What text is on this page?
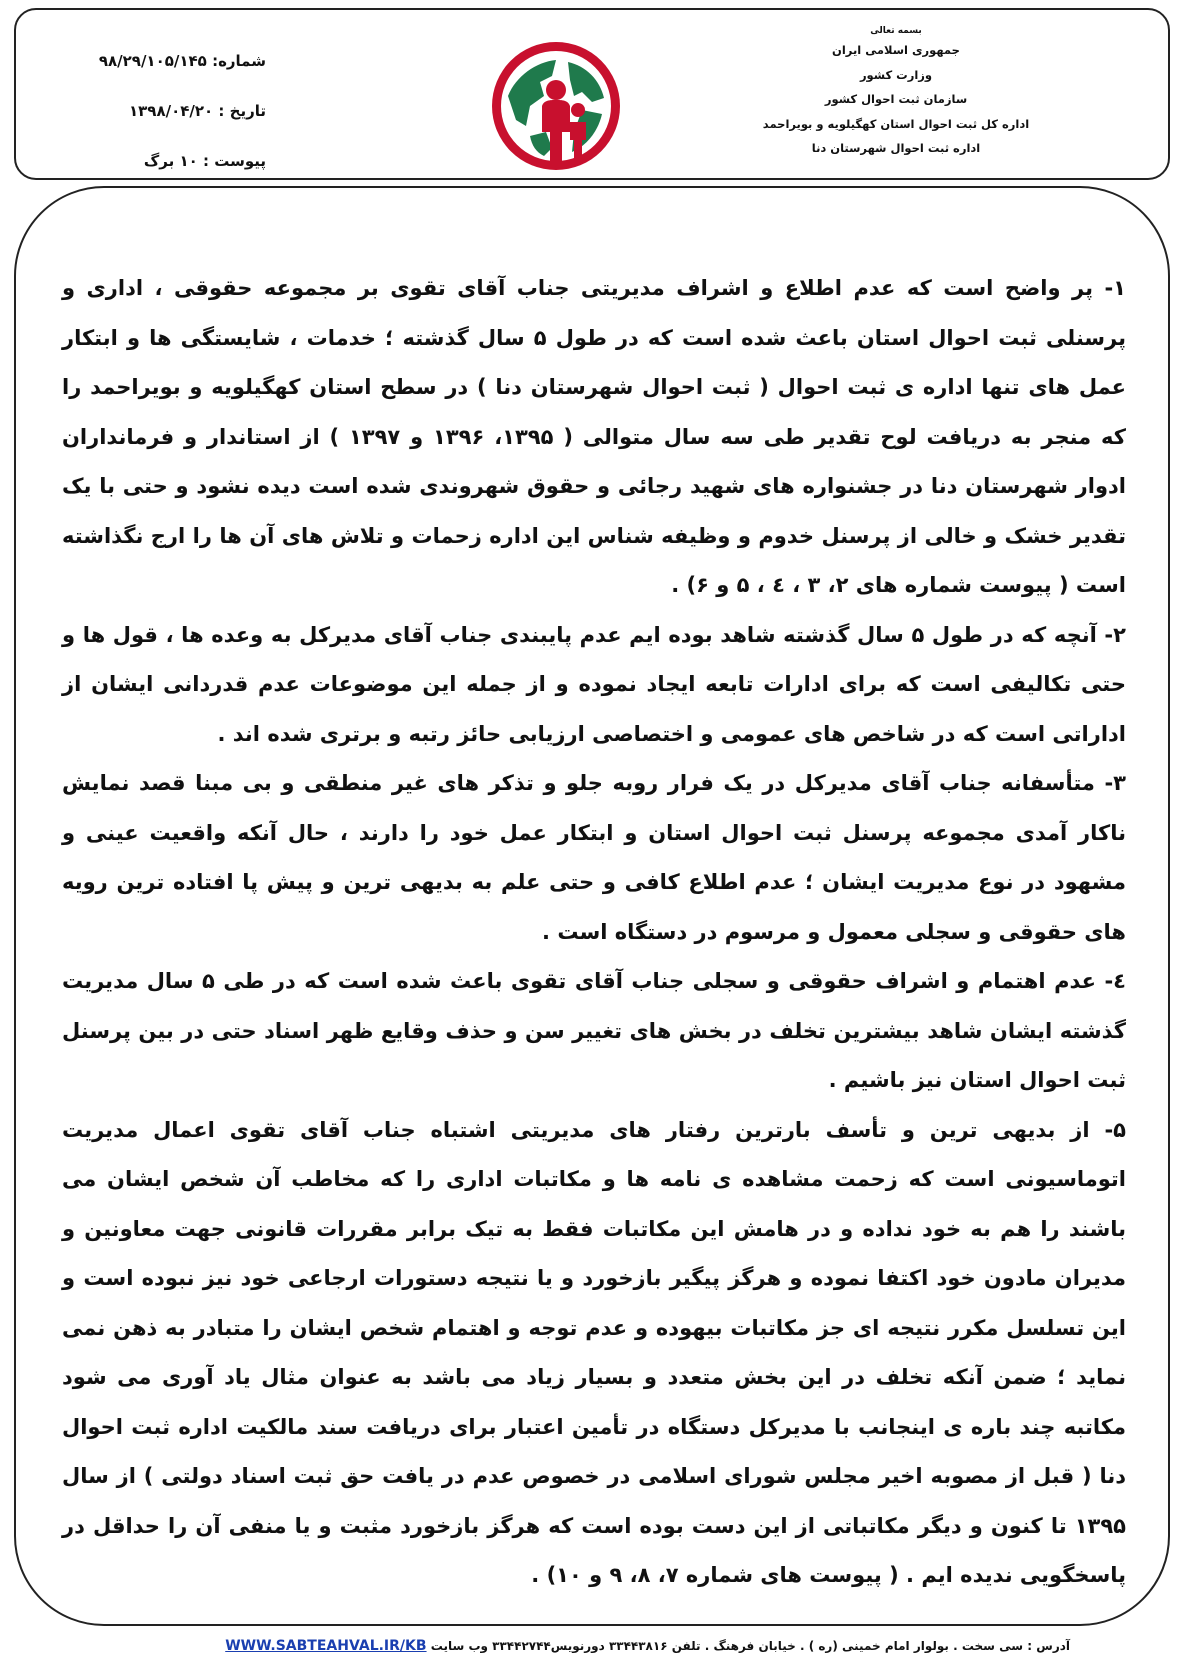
بسمه تعالی
جمهوری اسلامی ایران
وزارت کشور
سازمان ثبت احوال کشور
اداره کل ثبت احوال استان کهگیلویه و بویراحمد
اداره ثبت احوال شهرستان دنا
شماره: ۹۸/۲۹/۱۰۵/۱۴۵
تاریخ : ۱۳۹۸/۰۴/۲۰
پیوست : ۱۰ برگ

۱- پر واضح است که عدم اطلاع و اشراف مدیریتی جناب آقای تقوی بر مجموعه حقوقی ، اداری و پرسنلی ثبت احوال استان باعث شده است که در طول ۵ سال گذشته ؛ خدمات ، شایستگی ها و ابتکار عمل های تنها اداره ی ثبت احوال ( ثبت احوال شهرستان دنا ) در سطح استان کهگیلویه و بویراحمد را که منجر به دریافت لوح تقدیر طی سه سال متوالی ( ۱۳۹۵، ۱۳۹۶ و ۱۳۹۷ ) از استاندار و فرمانداران ادوار شهرستان دنا در جشنواره های شهید رجائی و حقوق شهروندی شده است دیده نشود و حتی با یک تقدیر خشک و خالی از پرسنل خدوم و وظیفه شناس این اداره زحمات و تلاش های آن ها را ارج نگذاشته است ( پیوست شماره های ۲، ۳ ، ٤ ، ۵ و ۶) .

۲- آنچه که در طول ۵ سال گذشته شاهد بوده ایم عدم پایبندی جناب آقای مدیرکل به وعده ها ، قول ها و حتی تکالیفی است که برای ادارات تابعه ایجاد نموده و از جمله این موضوعات عدم قدردانی ایشان از اداراتی است که در شاخص های عمومی و اختصاصی ارزیابی حائز رتبه و برتری شده اند .

۳- متأسفانه جناب آقای مدیرکل در یک فرار روبه جلو و تذکر های غیر منطقی و بی مبنا قصد نمایش ناکار آمدی مجموعه پرسنل ثبت احوال استان و ابتکار عمل خود را دارند ، حال آنکه واقعیت عینی و مشهود در نوع مدیریت ایشان ؛ عدم اطلاع کافی و حتی علم به بدیهی ترین و پیش پا افتاده ترین رویه های حقوقی و سجلی معمول و مرسوم در دستگاه است .

٤- عدم اهتمام و اشراف حقوقی و سجلی جناب آقای تقوی باعث شده است که در طی ۵ سال مدیریت گذشته ایشان شاهد بیشترین تخلف در بخش های تغییر سن و حذف وقایع ظهر اسناد حتی در بین پرسنل ثبت احوال استان نیز باشیم .

۵- از بدیهی ترین و تأسف بارترین رفتار های مدیریتی اشتباه جناب آقای تقوی اعمال مدیریت اتوماسیونی است که زحمت مشاهده ی نامه ها و مکاتبات اداری را که مخاطب آن شخص ایشان می باشند را هم به خود نداده و در هامش این مکاتبات فقط به تیک برابر مقررات قانونی جهت معاونین و مدیران مادون خود اکتفا نموده و هرگز پیگیر بازخورد و یا نتیجه دستورات ارجاعی خود نیز نبوده است و این تسلسل مکرر نتیجه ای جز مکاتبات بیهوده و عدم توجه و اهتمام شخص ایشان را متبادر به ذهن نمی نماید ؛ ضمن آنکه تخلف در این بخش متعدد و بسیار زیاد می باشد به عنوان مثال یاد آوری می شود مکاتبه چند باره ی اینجانب با مدیرکل دستگاه در تأمین اعتبار برای دریافت سند مالکیت اداره ثبت احوال دنا ( قبل از مصوبه اخیر مجلس شورای اسلامی در خصوص عدم در یافت حق ثبت اسناد دولتی ) از سال ۱۳۹۵ تا کنون و دیگر مکاتباتی از این دست بوده است که هرگز بازخورد مثبت و یا منفی آن را حداقل در پاسخگویی ندیده ایم . ( پیوست های شماره ۷، ۸، ۹ و ۱۰) .

آدرس : سی سخت . بولوار امام خمینی (ره ) . خیابان فرهنگ . تلفن ۳۳۴۴۳۸۱۶ دورنویس۳۳۴۴۲۷۴۴ وب سایت WWW.SABTEAHVAL.IR/KB
